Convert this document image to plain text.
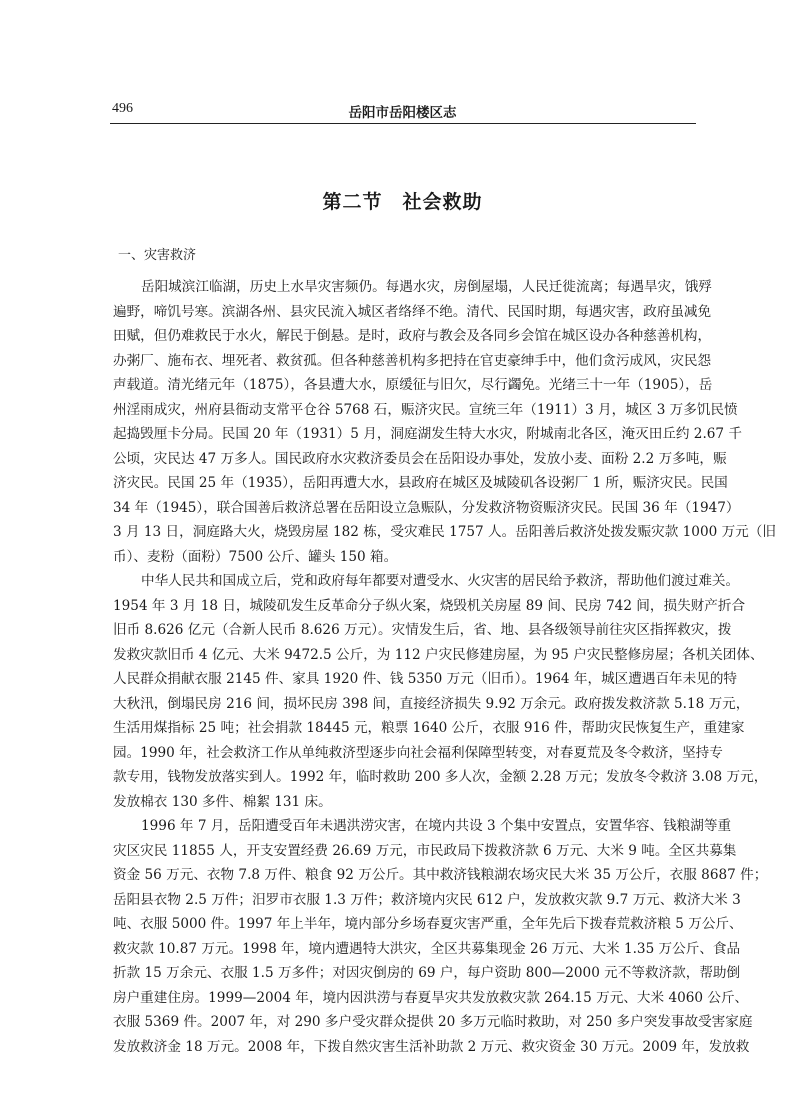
496	岳阳市岳阳楼区志
第二节　社会救助
一、灾害救济
岳阳城滨江临湖，历史上水旱灾害频仍。每遇水灾，房倒屋塌，人民迁徙流离；每遇旱灾，饿殍
遍野，啼饥号寒。滨湖各州、县灾民流入城区者络绎不绝。清代、民国时期，每遇灾害，政府虽减免
田赋，但仍难救民于水火，解民于倒悬。是时，政府与教会及各同乡会馆在城区设办各种慈善机构，
办粥厂、施布衣、埋死者、救贫孤。但各种慈善机构多把持在官吏豪绅手中，他们贪污成风，灾民怨
声载道。清光绪元年（1875），各县遭大水，原缓征与旧欠，尽行蠲免。光绪三十一年（1905），岳
州淫雨成灾，州府县衙动支常平仓谷 5768 石，赈济灾民。宣统三年（1911）3 月，城区 3 万多饥民愤
起捣毁厘卡分局。民国 20 年（1931）5 月，洞庭湖发生特大水灾，附城南北各区，淹灭田丘约 2.67 千
公顷，灾民达 47 万多人。国民政府水灾救济委员会在岳阳设办事处，发放小麦、面粉 2.2 万多吨，赈
济灾民。民国 25 年（1935），岳阳再遭大水，县政府在城区及城陵矶各设粥厂 1 所，赈济灾民。民国
34 年（1945），联合国善后救济总署在岳阳设立急赈队，分发救济物资赈济灾民。民国 36 年（1947）
3 月 13 日，洞庭路大火，烧毁房屋 182 栋，受灾难民 1757 人。岳阳善后救济处拨发赈灾款 1000 万元（旧
币）、麦粉（面粉）7500 公斤、罐头 150 箱。
中华人民共和国成立后，党和政府每年都要对遭受水、火灾害的居民给予救济，帮助他们渡过难关。
1954 年 3 月 18 日，城陵矶发生反革命分子纵火案，烧毁机关房屋 89 间、民房 742 间，损失财产折合
旧币 8.626 亿元（合新人民币 8.626 万元）。灾情发生后，省、地、县各级领导前往灾区指挥救灾，拨
发救灾款旧币 4 亿元、大米 9472.5 公斤，为 112 户灾民修建房屋，为 95 户灾民整修房屋；各机关团体、
人民群众捐献衣服 2145 件、家具 1920 件、钱 5350 万元（旧币）。1964 年，城区遭遇百年未见的特
大秋汛，倒塌民房 216 间，损坏民房 398 间，直接经济损失 9.92 万余元。政府拨发救济款 5.18 万元，
生活用煤指标 25 吨；社会捐款 18445 元，粮票 1640 公斤，衣服 916 件，帮助灾民恢复生产，重建家
园。1990 年，社会救济工作从单纯救济型逐步向社会福利保障型转变，对春夏荒及冬令救济，坚持专
款专用，钱物发放落实到人。1992 年，临时救助 200 多人次，金额 2.28 万元；发放冬令救济 3.08 万元，
发放棉衣 130 多件、棉絮 131 床。
1996 年 7 月，岳阳遭受百年未遇洪涝灾害，在境内共设 3 个集中安置点，安置华容、钱粮湖等重
灾区灾民 11855 人，开支安置经费 26.69 万元，市民政局下拨救济款 6 万元、大米 9 吨。全区共募集
资金 56 万元、衣物 7.8 万件、粮食 92 万公斤。其中救济钱粮湖农场灾民大米 35 万公斤，衣服 8687 件；
岳阳县衣物 2.5 万件；汨罗市衣服 1.3 万件；救济境内灾民 612 户，发放救灾款 9.7 万元、救济大米 3
吨、衣服 5000 件。1997 年上半年，境内部分乡场春夏灾害严重，全年先后下拨春荒救济粮 5 万公斤、
救灾款 10.87 万元。1998 年，境内遭遇特大洪灾，全区共募集现金 26 万元、大米 1.35 万公斤、食品
折款 15 万余元、衣服 1.5 万多件；对因灾倒房的 69 户，每户资助 800—2000 元不等救济款，帮助倒
房户重建住房。1999—2004 年，境内因洪涝与春夏旱灾共发放救灾款 264.15 万元、大米 4060 公斤、
衣服 5369 件。2007 年，对 290 多户受灾群众提供 20 多万元临时救助，对 250 多户突发事故受害家庭
发放救济金 18 万元。2008 年，下拨自然灾害生活补助款 2 万元、救灾资金 30 万元。2009 年，发放救
